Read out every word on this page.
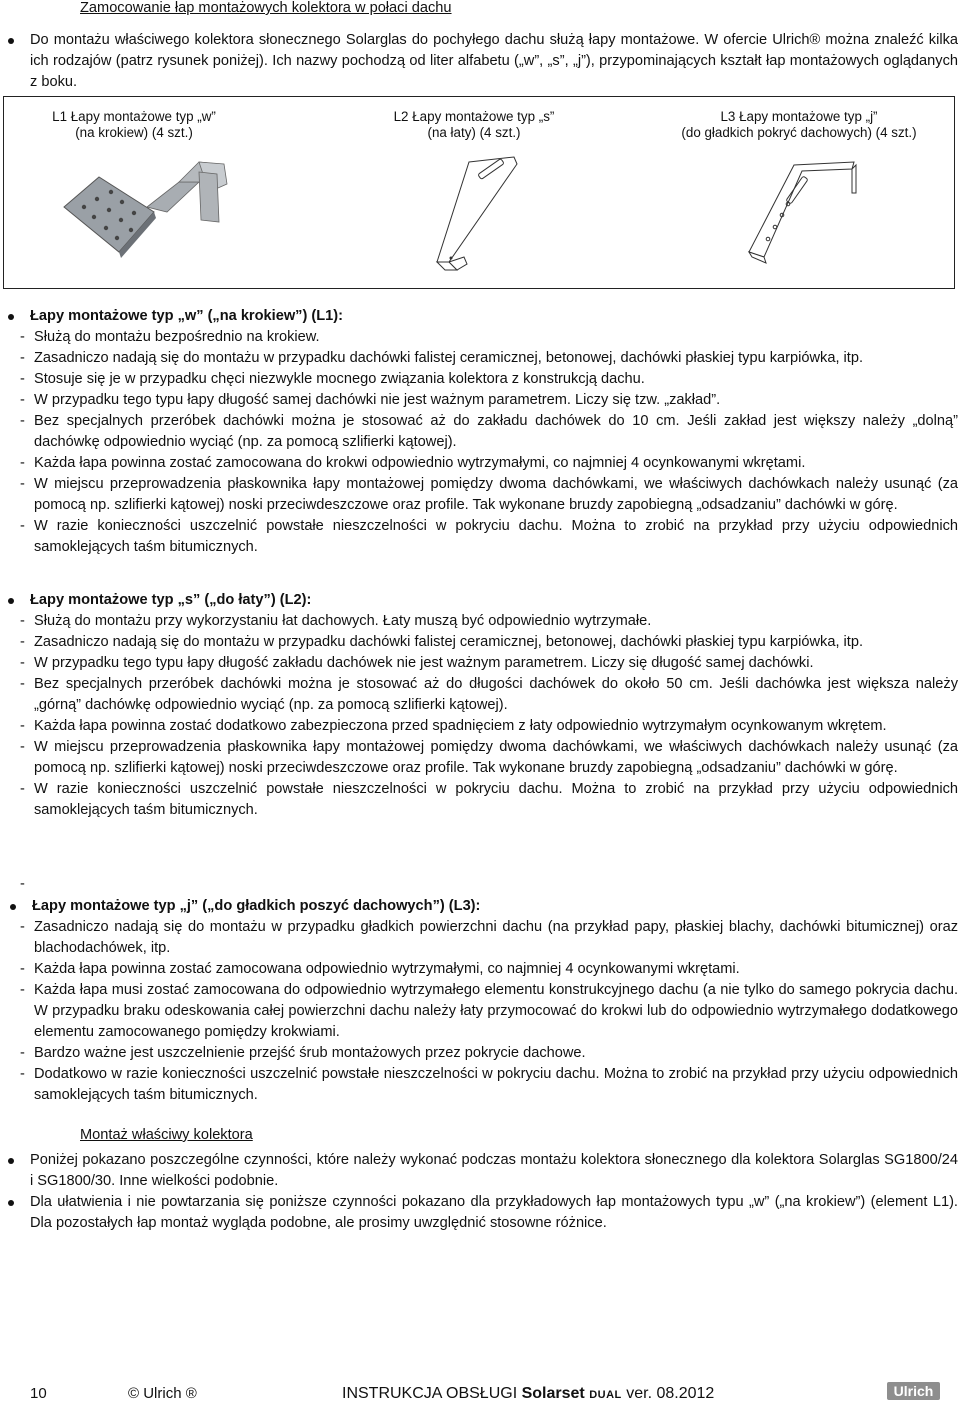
Zamocowanie łap montażowych kolektora w połaci dachu
Do montażu właściwego kolektora słonecznego Solarglas do pochyłego dachu służą łapy montażowe. W ofercie Ulrich® można znaleźć kilka ich rodzajów (patrz rysunek poniżej). Ich nazwy pochodzą od liter alfabetu („w”, „s”, „j”), przypominających kształt łap montażowych oglądanych z boku.
L1 Łapy montażowe typ „w”
(na krokiew) (4 szt.)
L2 Łapy montażowe typ „s”
(na łaty) (4 szt.)
L3 Łapy montażowe typ „j”
(do gładkich pokryć dachowych) (4 szt.)
Łapy montażowe typ „w” („na krokiew”) (L1):
- Służą do montażu bezpośrednio na krokiew.
- Zasadniczo nadają się do montażu w przypadku dachówki falistej ceramicznej, betonowej, dachówki płaskiej typu karpiówka, itp.
- Stosuje się je w przypadku chęci niezwykle mocnego związania kolektora z konstrukcją dachu.
- W przypadku tego typu łapy długość samej dachówki nie jest ważnym parametrem. Liczy się tzw. „zakład”.
- Bez specjalnych przeróbek dachówki można je stosować aż do zakładu dachówek do 10 cm. Jeśli zakład jest większy należy „dolną” dachówkę odpowiednio wyciąć (np. za pomocą szlifierki kątowej).
- Każda łapa powinna zostać zamocowana do krokwi odpowiednio wytrzymałymi, co najmniej 4 ocynkowanymi wkrętami.
- W miejscu przeprowadzenia płaskownika łapy montażowej pomiędzy dwoma dachówkami, we właściwych dachówkach należy usunąć (za pomocą np. szlifierki kątowej) noski przeciwdeszczowe oraz profile. Tak wykonane bruzdy zapobiegną „odsadzaniu” dachówki w górę.
- W razie konieczności uszczelnić powstałe nieszczelności w pokryciu dachu. Można to zrobić na przykład przy użyciu odpowiednich samoklejących taśm bitumicznych.
Łapy montażowe typ „s” („do łaty”) (L2):
- Służą do montażu przy wykorzystaniu łat dachowych. Łaty muszą być odpowiednio wytrzymałe.
- Zasadniczo nadają się do montażu w przypadku dachówki falistej ceramicznej, betonowej, dachówki płaskiej typu karpiówka, itp.
- W przypadku tego typu łapy długość zakładu dachówek nie jest ważnym parametrem. Liczy się długość samej dachówki.
- Bez specjalnych przeróbek dachówki można je stosować aż do długości dachówek do około 50 cm. Jeśli dachówka jest większa należy „górną” dachówkę odpowiednio wyciąć (np. za pomocą szlifierki kątowej).
- Każda łapa powinna zostać dodatkowo zabezpieczona przed spadnięciem z łaty odpowiednio wytrzymałym ocynkowanym wkrętem.
- W miejscu przeprowadzenia płaskownika łapy montażowej pomiędzy dwoma dachówkami, we właściwych dachówkach należy usunąć (za pomocą np. szlifierki kątowej) noski przeciwdeszczowe oraz profile. Tak wykonane bruzdy zapobiegną „odsadzaniu” dachówki w górę.
- W razie konieczności uszczelnić powstałe nieszczelności w pokryciu dachu. Można to zrobić na przykład przy użyciu odpowiednich samoklejących taśm bitumicznych.
-
Łapy montażowe typ „j” („do gładkich poszyć dachowych”) (L3):
- Zasadniczo nadają się do montażu w przypadku gładkich powierzchni dachu (na przykład papy, płaskiej blachy, dachówki bitumicznej) oraz blachodachówek, itp.
- Każda łapa powinna zostać zamocowana odpowiednio wytrzymałymi, co najmniej 4 ocynkowanymi wkrętami.
- Każda łapa musi zostać zamocowana do odpowiednio wytrzymałego elementu konstrukcyjnego dachu (a nie tylko do samego pokrycia dachu. W przypadku braku odeskowania całej powierzchni dachu należy łaty przymocować do krokwi lub do odpowiednio wytrzymałego dodatkowego elementu zamocowanego pomiędzy krokwiami.
- Bardzo ważne jest uszczelnienie przejść śrub montażowych przez pokrycie dachowe.
- Dodatkowo w razie konieczności uszczelnić powstałe nieszczelności w pokryciu dachu. Można to zrobić na przykład przy użyciu odpowiednich samoklejących taśm bitumicznych.
Montaż właściwy kolektora
Poniżej pokazano poszczególne czynności, które należy wykonać podczas montażu kolektora słonecznego dla kolektora Solarglas SG1800/24 i SG1800/30. Inne wielkości podobnie.
Dla ułatwienia i nie powtarzania się poniższe czynności pokazano dla przykładowych łap montażowych typu „w” („na krokiew”) (element L1). Dla pozostałych łap montaż wygląda podobne, ale prosimy uwzględnić stosowne różnice.
10	© Ulrich ®	INSTRUKCJA OBSŁUGI Solarset DUAL ver. 08.2012	Ulrich
